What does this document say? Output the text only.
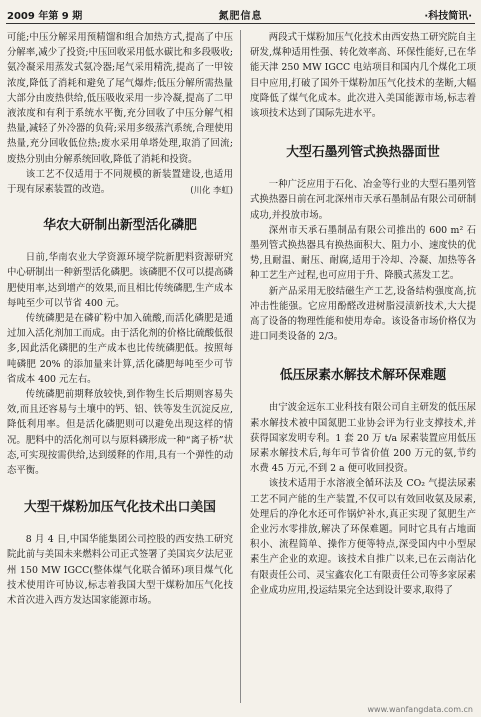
2009 年第 9 期	氮肥信息	·科技简讯·

可能;中压分解采用预精馏和组合加热方式,提高了中压分解率,减少了投资;中压回收采用低水碳比和多段吸收;氨冷凝采用蒸发式氨冷器;尾气采用精洗,提高了一甲铵浓度,降低了消耗和避免了尾气爆炸;低压分解所需热量大部分由废热供给,低压吸收采用一步冷凝,提高了二甲液浓度和有利于系统水平衡,充分回收了中压分解气相热量,减轻了外冷器的负荷;采用多级蒸汽系统,合理使用热量,充分回收低位热;废水采用单塔处理,取消了回流;废热分别由分解系统回收,降低了消耗和投资。

该工艺不仅适用于不同规模的新装置建设,也适用于现有尿素装置的改造。	(川化 李虹)

华农大研制出新型活化磷肥

日前,华南农业大学资源环境学院新肥料资源研究中心研制出一种新型活化磷肥。该磷肥不仅可以提高磷肥使用率,达到增产的效果,而且相比传统磷肥,生产成本每吨至少可以节省 400 元。

传统磷肥是在磷矿粉中加入硫酸,而活化磷肥是通过加入活化剂加工而成。由于活化剂的价格比硫酸低很多,因此活化磷肥的生产成本也比传统磷肥低。按照每吨磷肥 20% 的添加量来计算,活化磷肥每吨至少可节省成本 400 元左右。

传统磷肥前期释放较快,到作物生长后期则容易失效,而且还容易与土壤中的钙、铝、铁等发生沉淀反应,降低利用率。但是活化磷肥则可以避免出现这样的情况。肥料中的活化剂可以与原料磷形成一种“离子桥”状态,可实现按需供给,达到缓释的作用,具有一个弹性的动态平衡。

大型干煤粉加压气化技术出口美国

8 月 4 日,中国华能集团公司控股的西安热工研究院此前与美国未来燃料公司正式签署了美国宾夕法尼亚州 150 MW IGCC(整体煤气化联合循环)项目煤气化技术使用许可协议,标志着我国大型干煤粉加压气化技术首次进入西方发达国家能源市场。

两段式干煤粉加压气化技术由西安热工研究院自主研发,煤种适用性强、转化效率高、环保性能好,已在华能天津 250 MW IGCC 电站项目和国内几个煤化工项目中应用,打破了国外干煤粉加压气化技术的垄断,大幅度降低了煤气化成本。此次进入美国能源市场,标志着该项技术达到了国际先进水平。

大型石墨列管式换热器面世

一种广泛应用于石化、冶金等行业的大型石墨列管式换热器日前在河北深州市天承石墨制品有限公司研制成功,并投放市场。

深州市天承石墨制品有限公司推出的 600 m² 石墨列管式换热器具有换热面积大、阻力小、速度快的优势,且耐温、耐压、耐腐,适用于冷却、冷凝、加热等各种工艺生产过程,也可应用于升、降膜式蒸发工艺。

新产品采用无胶结磁生产工艺,设备结构强度高,抗冲击性能强。它应用酚醛改进树脂浸渍新技术,大大提高了设备的物理性能和使用寿命。该设备市场价格仅为进口同类设备的 2/3。

低压尿素水解技术解环保难题

由宁波金远东工业科技有限公司自主研发的低压尿素水解技术被中国氮肥工业协会评为行业支撑技术,并获得国家发明专利。1 套 20 万 t/a 尿素装置应用低压尿素水解技术后,每年可节省价值 200 万元的氨,节约水费 45 万元,不到 2 a 便可收回投资。

该技术适用于水溶液全循环法及 CO₂ 气提法尿素工艺不同产能的生产装置,不仅可以有效回收氨及尿素,处理后的净化水还可作锅炉补水,真正实现了氮肥生产企业污水零排放,解决了环保难题。同时它具有占地面积小、流程简单、操作方便等特点,深受国内中小型尿素生产企业的欢迎。该技术自推广以来,已在云南沾化有限责任公司、灵宝鑫农化工有限责任公司等多家尿素企业成功应用,投运结果完全达到设计要求,取得了

www.wanfangdata.com.cn
